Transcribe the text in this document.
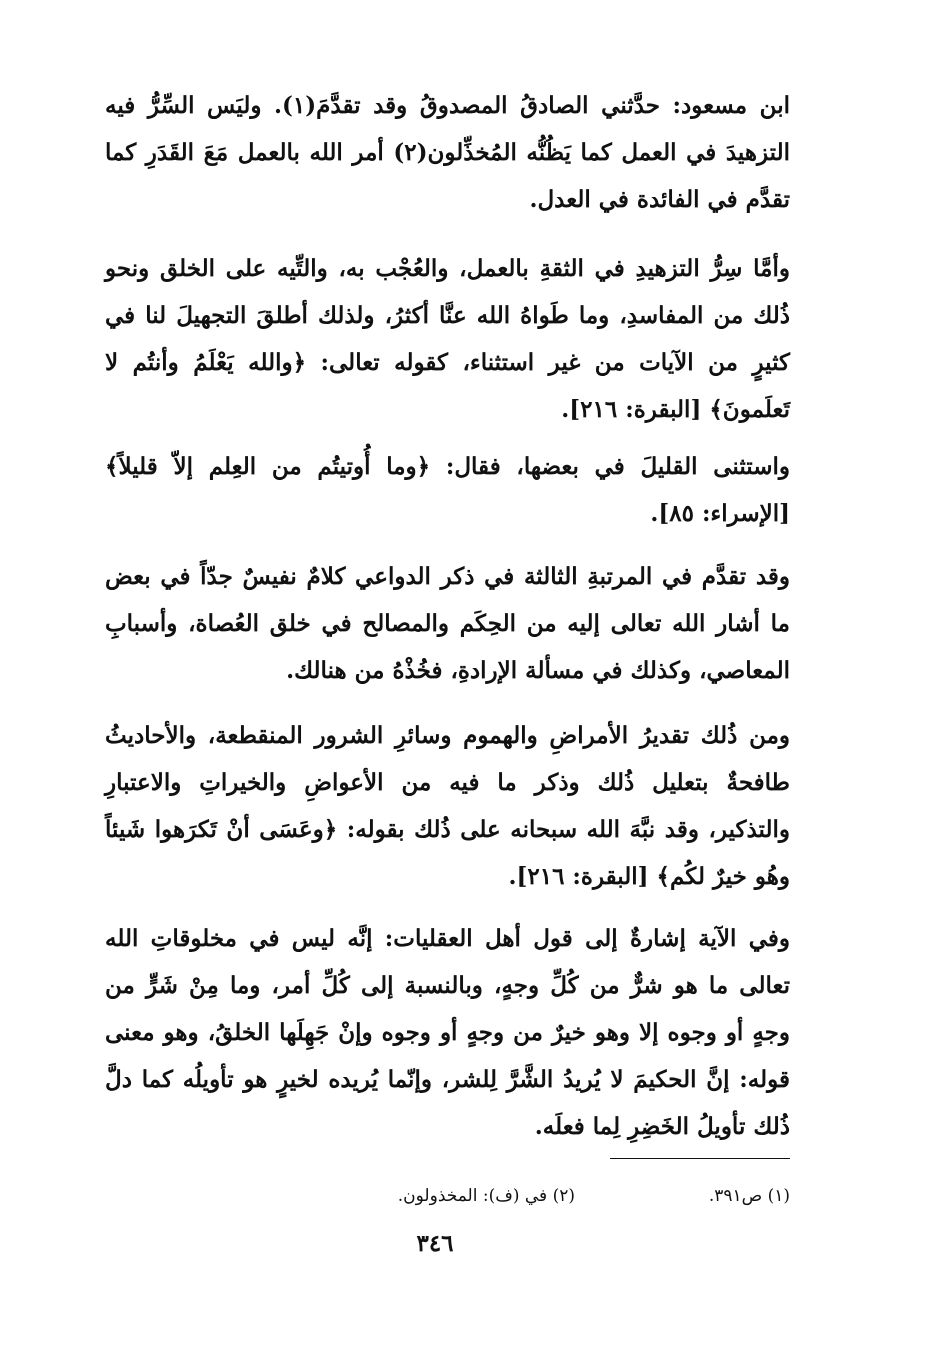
ابن مسعود: حدَّثني الصادقُ المصدوقُ وقد تقدَّمَ(١). وليَس السِّرُّ فيه التزهيدَ في العمل كما يَظُنُّه المُخذِّلون(٢) أمر الله بالعمل مَعَ القَدَرِ كما تقدَّم في الفائدة في العدل.

وأمَّا سِرُّ التزهيدِ في الثقةِ بالعمل، والعُجْب به، والتِّيه على الخلق ونحو ذُلك من المفاسدِ، وما طَواهُ الله عنَّا أكثرُ، ولذلك أطلقَ التجهيلَ لنا في كثيرٍ من الآيات من غير استثناء، كقوله تعالى: ﴿والله يَعْلَمُ وأنتُم لا تَعلَمونَ﴾ [البقرة: ٢١٦].

واستثنى القليلَ في بعضها، فقال: ﴿وما أُوتيتُم من العِلم إلاّ قليلاً﴾ [الإسراء: ٨٥].

وقد تقدَّم في المرتبةِ الثالثة في ذكر الدواعي كلامٌ نفيسٌ جدّاً في بعض ما أشار الله تعالى إليه من الحِكَم والمصالح في خلق العُصاة، وأسبابِ المعاصي، وكذلك في مسألة الإرادةِ، فخُذْهُ من هنالك.

ومن ذُلك تقديرُ الأمراضِ والهموم وسائرِ الشرور المنقطعة، والأحاديثُ طافحةٌ بتعليل ذُلك وذكر ما فيه من الأعواضِ والخيراتِ والاعتبارِ والتذكير، وقد نبَّهَ الله سبحانه على ذُلك بقوله: ﴿وعَسَى أنْ تَكرَهوا شَيئاً وهُو خيرٌ لكُم﴾ [البقرة: ٢١٦].

وفي الآية إشارةٌ إلى قول أهل العقليات: إنَّه ليس في مخلوقاتِ الله تعالى ما هو شرٌّ من كُلِّ وجهٍ، وبالنسبة إلى كُلِّ أمر، وما مِنْ شَرٍّ من وجهٍ أو وجوه إلا وهو خيرٌ من وجهٍ أو وجوه وإنْ جَهِلَها الخلقُ، وهو معنى قوله: إنَّ الحكيمَ لا يُريدُ الشَّرَّ لِلشر، وإنّما يُريده لخيرٍ هو تأويلُه كما دلَّ ذُلك تأويلُ الخَضِرِ لِما فعلَه.

(١) ص٣٩١.
(٢) في (ف): المخذولون.
٣٤٦
